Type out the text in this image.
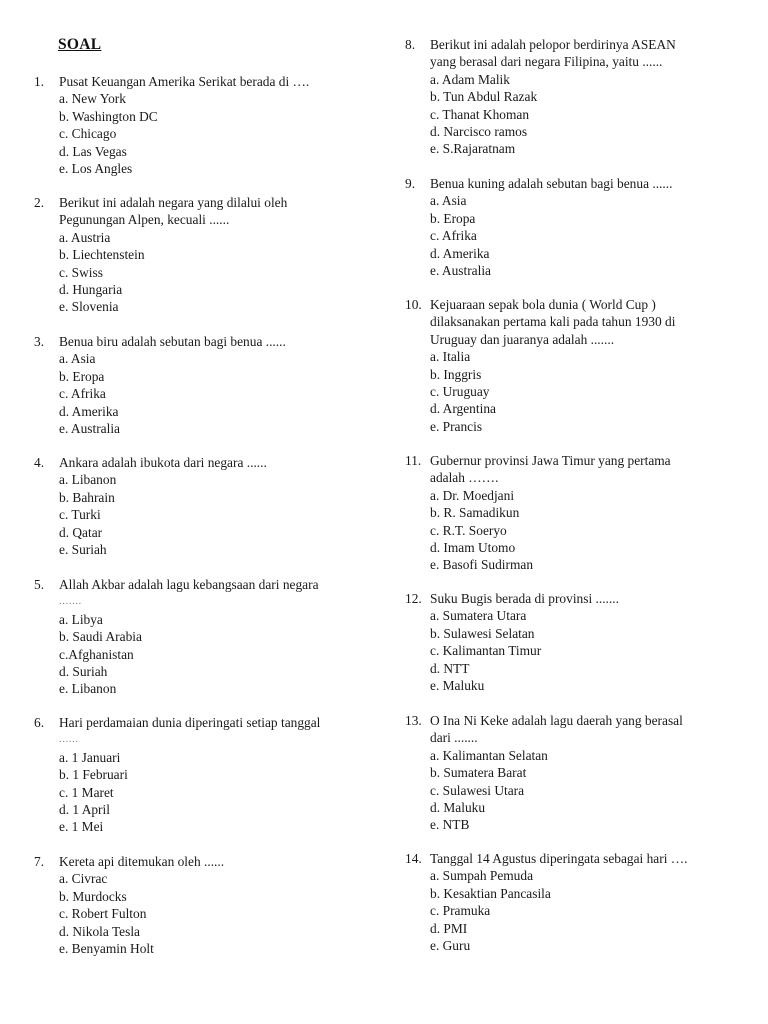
SOAL
1.	Pusat Keuangan Amerika Serikat berada di ….
a. New York
b. Washington DC
c. Chicago
d. Las Vegas
e. Los Angles
2.	Berikut ini adalah negara yang dilalui oleh
Pegunungan Alpen, kecuali ......
a. Austria
b. Liechtenstein
c. Swiss
d. Hungaria
e. Slovenia
3.	Benua biru adalah sebutan bagi benua ......
a. Asia
b. Eropa
c. Afrika
d. Amerika
e. Australia
4.	Ankara adalah ibukota dari negara ......
a. Libanon
b. Bahrain
c. Turki
d. Qatar
e. Suriah
5.	Allah Akbar adalah lagu kebangsaan dari negara
.......
a. Libya
b. Saudi Arabia
c.Afghanistan
d. Suriah
e. Libanon
6.	Hari perdamaian dunia diperingati setiap tanggal
......
a. 1 Januari
b. 1 Februari
c. 1 Maret
d. 1 April
e. 1 Mei
7.	Kereta api ditemukan oleh ......
a. Civrac
b. Murdocks
c. Robert Fulton
d. Nikola Tesla
e. Benyamin Holt
8.	Berikut ini adalah pelopor berdirinya ASEAN
yang berasal dari negara Filipina, yaitu ......
a. Adam Malik
b. Tun Abdul Razak
c. Thanat Khoman
d. Narcisco ramos
e. S.Rajaratnam
9.	Benua kuning adalah sebutan bagi benua ......
a. Asia
b. Eropa
c. Afrika
d. Amerika
e. Australia
10. Kejuaraan sepak bola dunia ( World Cup )
dilaksanakan pertama kali pada tahun 1930 di
Uruguay dan juaranya adalah .......
a. Italia
b. Inggris
c. Uruguay
d. Argentina
e. Prancis
11. Gubernur provinsi Jawa Timur yang pertama
adalah …….
a. Dr. Moedjani
b. R. Samadikun
c. R.T. Soeryo
d. Imam Utomo
e. Basofi Sudirman
12. Suku Bugis berada di provinsi .......
a. Sumatera Utara
b. Sulawesi Selatan
c. Kalimantan Timur
d. NTT
e. Maluku
13. O Ina Ni Keke adalah lagu daerah yang berasal
dari .......
a. Kalimantan Selatan
b. Sumatera Barat
c. Sulawesi Utara
d. Maluku
e. NTB
14. Tanggal 14 Agustus diperingata sebagai hari ….
a. Sumpah Pemuda
b. Kesaktian Pancasila
c. Pramuka
d. PMI
e. Guru
